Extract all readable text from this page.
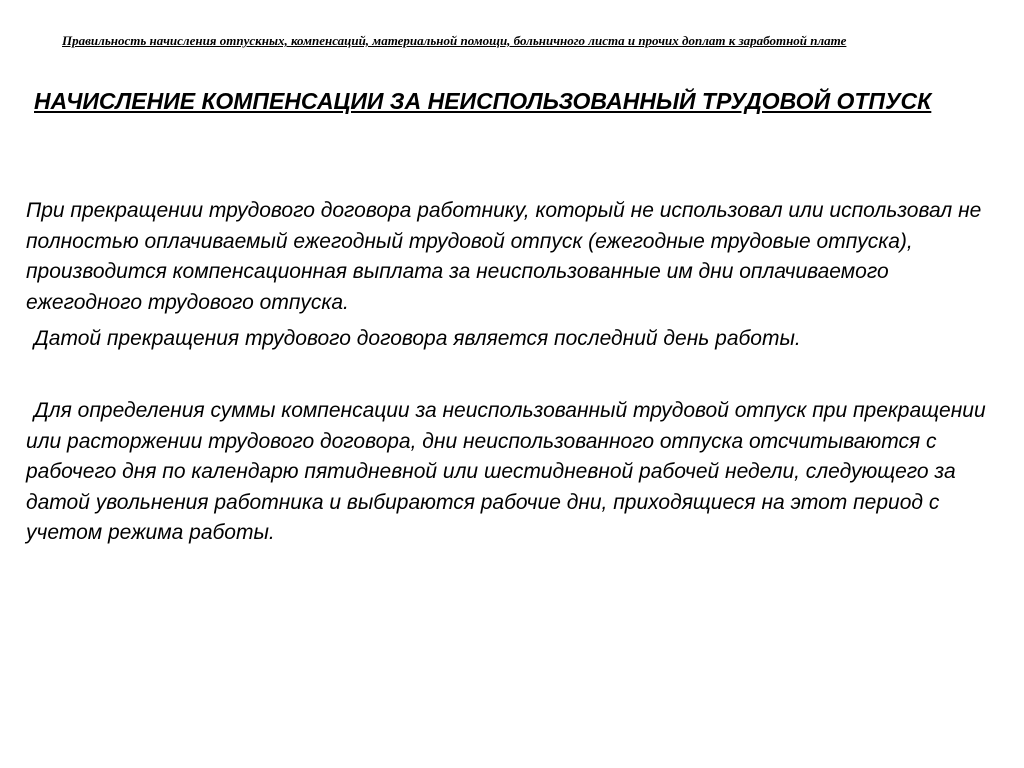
Правильность начисления отпускных, компенсаций, материальной помощи, больничного листа и прочих доплат к заработной плате
НАЧИСЛЕНИЕ КОМПЕНСАЦИИ ЗА НЕИСПОЛЬЗОВАННЫЙ ТРУДОВОЙ ОТПУСК

При прекращении трудового договора работнику, который не использовал или использовал не полностью оплачиваемый ежегодный трудовой отпуск (ежегодные трудовые отпуска), производится компенсационная выплата за неиспользованные им дни оплачиваемого ежегодного трудового отпуска.

Датой прекращения трудового договора является последний день работы.

Для определения суммы компенсации за неиспользованный трудовой отпуск при прекращении или расторжении трудового договора, дни неиспользованного отпуска отсчитываются с рабочего дня по календарю пятидневной или шестидневной рабочей недели, следующего за датой увольнения работника и выбираются рабочие дни, приходящиеся на этот период с учетом режима работы.
